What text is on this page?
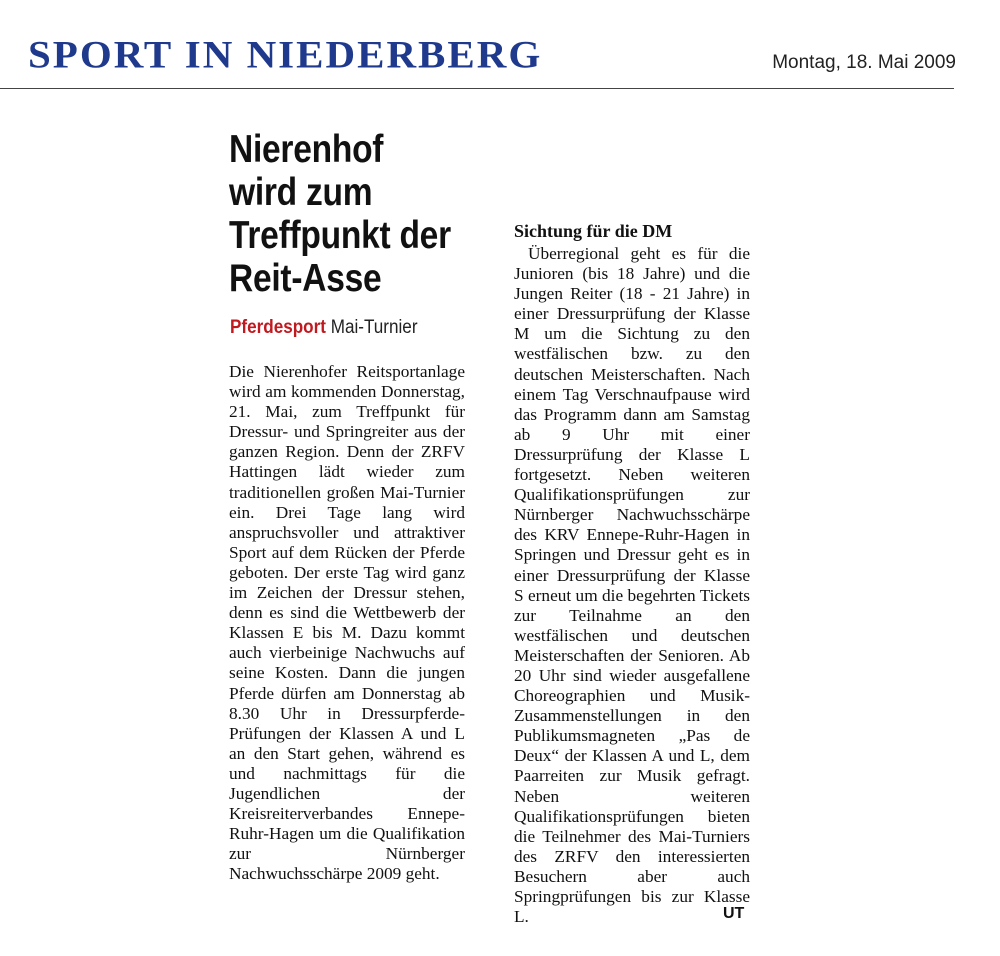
SPORT IN NIEDERBERG	Montag, 18. Mai 2009
Nierenhof wird zum Treffpunkt der Reit-Asse
Pferdesport Mai-Turnier

Die Nierenhofer Reitsportanlage wird am kommenden Donnerstag, 21. Mai, zum Treffpunkt für Dressur- und Springreiter aus der ganzen Region. Denn der ZRFV Hattingen lädt wieder zum traditionellen großen Mai-Turnier ein. Drei Tage lang wird anspruchsvoller und attraktiver Sport auf dem Rücken der Pferde geboten. Der erste Tag wird ganz im Zeichen der Dressur stehen, denn es sind die Wettbewerb der Klassen E bis M. Dazu kommt auch vierbeinige Nachwuchs auf seine Kosten. Dann die jungen Pferde dürfen am Donnerstag ab 8.30 Uhr in Dressurpferde-Prüfungen der Klassen A und L an den Start gehen, während es und nachmittags für die Jugendlichen der Kreisreiterverbandes Ennepe-Ruhr-Hagen um die Qualifikation zur Nürnberger Nachwuchsschärpe 2009 geht.

Sichtung für die DM

Überregional geht es für die Junioren (bis 18 Jahre) und die Jungen Reiter (18 - 21 Jahre) in einer Dressurprüfung der Klasse M um die Sichtung zu den westfälischen bzw. zu den deutschen Meisterschaften. Nach einem Tag Verschnaufpause wird das Programm dann am Samstag ab 9 Uhr mit einer Dressurprüfung der Klasse L fortgesetzt. Neben weiteren Qualifikationsprüfungen zur Nürnberger Nachwuchsschärpe des KRV Ennepe-Ruhr-Hagen in Springen und Dressur geht es in einer Dressurprüfung der Klasse S erneut um die begehrten Tickets zur Teilnahme an den westfälischen und deutschen Meisterschaften der Senioren. Ab 20 Uhr sind wieder ausgefallene Choreographien und Musik-Zusammenstellungen in den Publikumsmagneten „Pas de Deux“ der Klassen A und L, dem Paarreiten zur Musik gefragt. Neben weiteren Qualifikationsprüfungen bieten die Teilnehmer des Mai-Turniers des ZRFV den interessierten Besuchern aber auch Springprüfungen bis zur Klasse L.	UT
